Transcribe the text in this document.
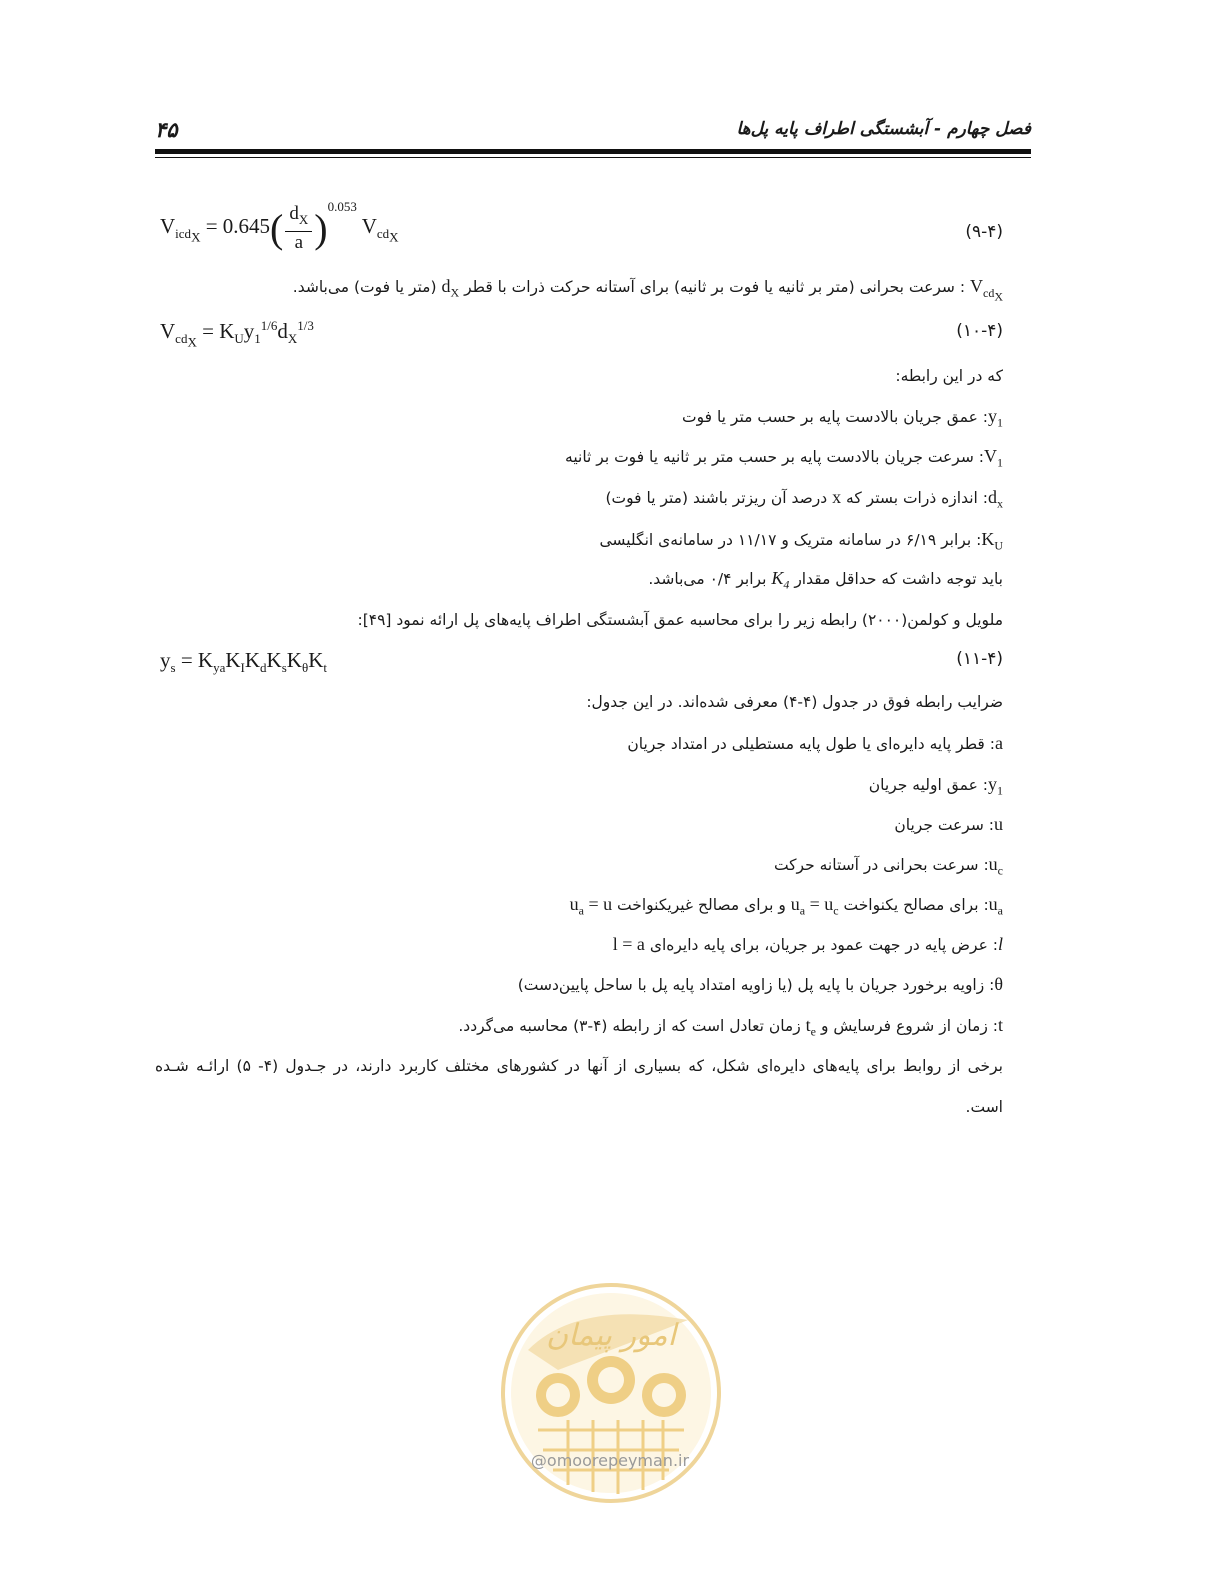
۴۵	فصل چهارم - آبشستگی اطراف پایه پل‌ها
$V_{icd_X} = 0.645( \frac{d_X}{a} )^{0.053}$ $V_{cd_X}$	(۹-۴)
$V_{cd_X}$ : سرعت بحرانی (متر بر ثانیه یا فوت بر ثانیه) برای آستانه حرکت ذرات با قطر $d_X$ (متر یا فوت) می‌باشد.
$V_{cd_X} = K_Uy_1^{1/6}d_X^{1/3}$	(۱۰-۴)
که در این رابطه:
$y_1$: عمق جریان بالادست پایه بر حسب متر یا فوت
$V_1$: سرعت جریان بالادست پایه بر حسب متر بر ثانیه یا فوت بر ثانیه
$d_x$: اندازه ذرات بستر که x درصد آن ریزتر باشند (متر یا فوت)
$K_U$: برابر ۶/۱۹ در سامانه متریک و ۱۱/۱۷ در سامانه‌ی انگلیسی
باید توجه داشت که حداقل مقدار $K_4$ برابر ۰/۴ می‌باشد.
ملویل و کولمن(۲۰۰۰) رابطه زیر را برای محاسبه عمق آبشستگی اطراف پایه‌های پل ارائه نمود [۴۹]:
$y_s = K_{ya}K_IK_dK_sK_\theta K_t$	(۱۱-۴)
ضرایب رابطه فوق در جدول (۴-۴) معرفی شده‌اند. در این جدول:
a: قطر پایه دایره‌ای یا طول پایه مستطیلی در امتداد جریان
$y_1$: عمق اولیه جریان
u: سرعت جریان
$u_c$: سرعت بحرانی در آستانه حرکت
$u_a$: برای مصالح یکنواخت $u_a = u_c$ و برای مصالح غیریکنواخت $u_a = u$
l: عرض پایه در جهت عمود بر جریان، برای پایه دایره‌ای l = a
θ: زاویه برخورد جریان با پایه پل (یا زاویه امتداد پایه پل با ساحل پایین‌دست)
t: زمان از شروع فرسایش و $t_e$ زمان تعادل است که از رابطه (۴-۳) محاسبه می‌گردد.
برخی از روابط برای پایه‌های دایره‌ای شکل، که بسیاری از آنها در کشورهای مختلف کاربرد دارند، در جـدول (۴- ۵) ارائـه شـده
است.
امور پیمان
@omoorepeyman.ir
